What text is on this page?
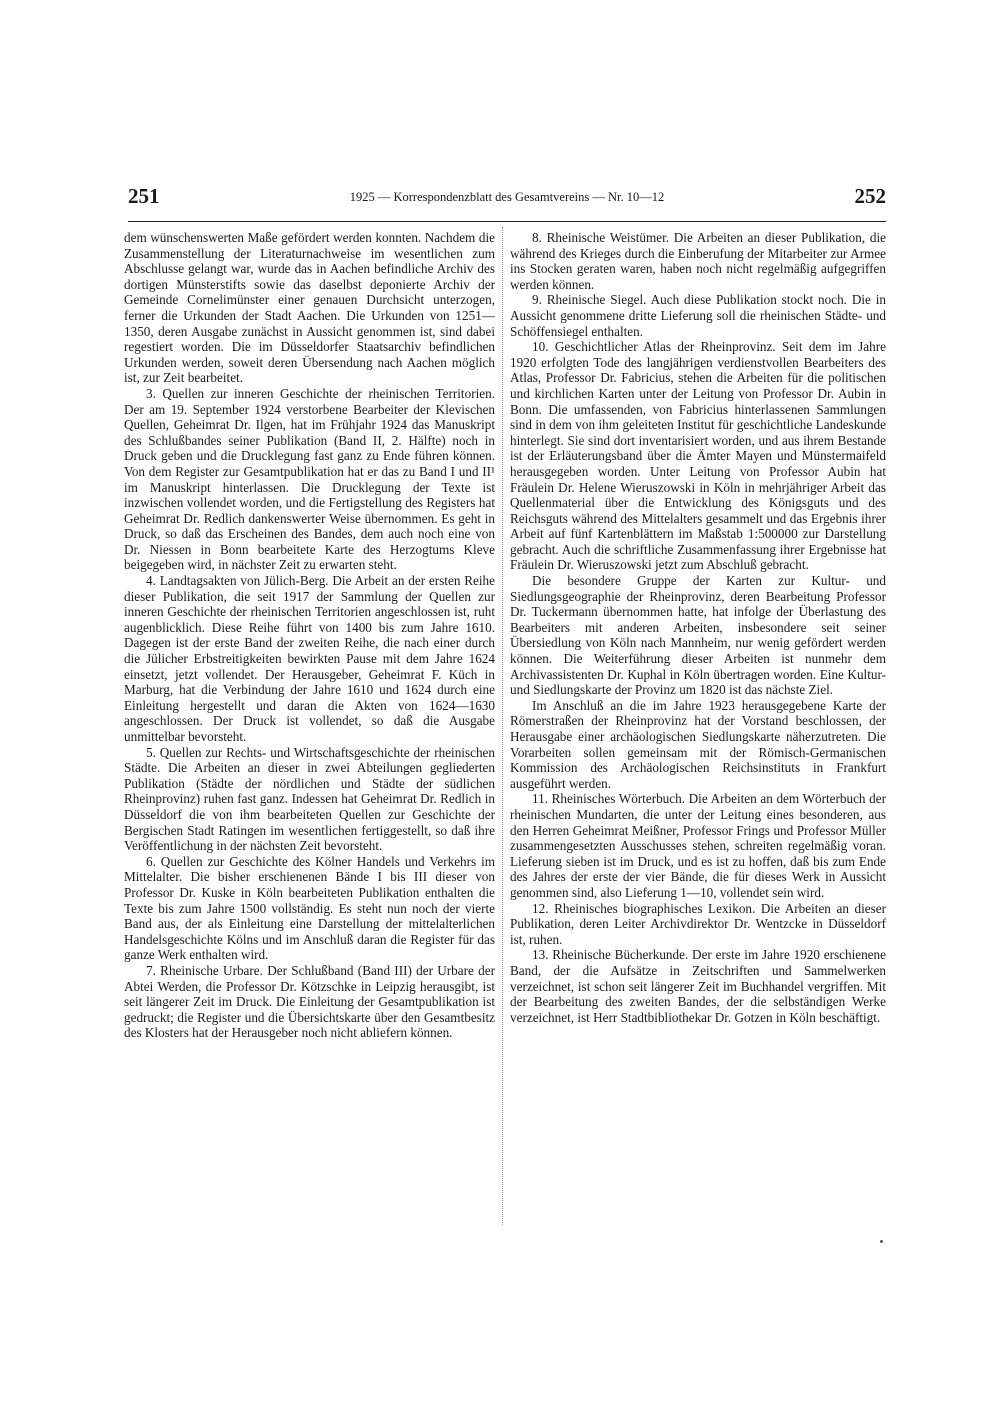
251	1925 — Korrespondenzblatt des Gesamtvereins — Nr. 10—12	252

dem wünschenswerten Maße gefördert werden konnten. Nachdem die Zusammenstellung der Literaturnachweise im wesentlichen zum Abschlusse gelangt war, wurde das in Aachen befindliche Archiv des dortigen Münsterstifts sowie das daselbst deponierte Archiv der Gemeinde Cornelimünster einer genauen Durchsicht unterzogen, ferner die Urkunden der Stadt Aachen. Die Urkunden von 1251—1350, deren Ausgabe zunächst in Aussicht genommen ist, sind dabei regestiert worden. Die im Düsseldorfer Staatsarchiv befindlichen Urkunden werden, soweit deren Übersendung nach Aachen möglich ist, zur Zeit bearbeitet.

3. Quellen zur inneren Geschichte der rheinischen Territorien. Der am 19. September 1924 verstorbene Bearbeiter der Klevischen Quellen, Geheimrat Dr. Ilgen, hat im Frühjahr 1924 das Manuskript des Schlußbandes seiner Publikation (Band II, 2. Hälfte) noch in Druck geben und die Drucklegung fast ganz zu Ende führen können. Von dem Register zur Gesamtpublikation hat er das zu Band I und II¹ im Manuskript hinterlassen. Die Drucklegung der Texte ist inzwischen vollendet worden, und die Fertigstellung des Registers hat Geheimrat Dr. Redlich dankenswerter Weise übernommen. Es geht in Druck, so daß das Erscheinen des Bandes, dem auch noch eine von Dr. Niessen in Bonn bearbeitete Karte des Herzogtums Kleve beigegeben wird, in nächster Zeit zu erwarten steht.

4. Landtagsakten von Jülich-Berg. Die Arbeit an der ersten Reihe dieser Publikation, die seit 1917 der Sammlung der Quellen zur inneren Geschichte der rheinischen Territorien angeschlossen ist, ruht augenblicklich. Diese Reihe führt von 1400 bis zum Jahre 1610. Dagegen ist der erste Band der zweiten Reihe, die nach einer durch die Jülicher Erbstreitigkeiten bewirkten Pause mit dem Jahre 1624 einsetzt, jetzt vollendet. Der Herausgeber, Geheimrat F. Küch in Marburg, hat die Verbindung der Jahre 1610 und 1624 durch eine Einleitung hergestellt und daran die Akten von 1624—1630 angeschlossen. Der Druck ist vollendet, so daß die Ausgabe unmittelbar bevorsteht.

5. Quellen zur Rechts- und Wirtschaftsgeschichte der rheinischen Städte. Die Arbeiten an dieser in zwei Abteilungen gegliederten Publikation (Städte der nördlichen und Städte der südlichen Rheinprovinz) ruhen fast ganz. Indessen hat Geheimrat Dr. Redlich in Düsseldorf die von ihm bearbeiteten Quellen zur Geschichte der Bergischen Stadt Ratingen im wesentlichen fertiggestellt, so daß ihre Veröffentlichung in der nächsten Zeit bevorsteht.

6. Quellen zur Geschichte des Kölner Handels und Verkehrs im Mittelalter. Die bisher erschienenen Bände I bis III dieser von Professor Dr. Kuske in Köln bearbeiteten Publikation enthalten die Texte bis zum Jahre 1500 vollständig. Es steht nun noch der vierte Band aus, der als Einleitung eine Darstellung der mittelalterlichen Handelsgeschichte Kölns und im Anschluß daran die Register für das ganze Werk enthalten wird.

7. Rheinische Urbare. Der Schlußband (Band III) der Urbare der Abtei Werden, die Professor Dr. Kötzschke in Leipzig herausgibt, ist seit längerer Zeit im Druck. Die Einleitung der Gesamtpublikation ist gedruckt; die Register und die Übersichtskarte über den Gesamtbesitz des Klosters hat der Herausgeber noch nicht abliefern können.

8. Rheinische Weistümer. Die Arbeiten an dieser Publikation, die während des Krieges durch die Einberufung der Mitarbeiter zur Armee ins Stocken geraten waren, haben noch nicht regelmäßig aufgegriffen werden können.

9. Rheinische Siegel. Auch diese Publikation stockt noch. Die in Aussicht genommene dritte Lieferung soll die rheinischen Städte- und Schöffensiegel enthalten.

10. Geschichtlicher Atlas der Rheinprovinz. Seit dem im Jahre 1920 erfolgten Tode des langjährigen verdienstvollen Bearbeiters des Atlas, Professor Dr. Fabricius, stehen die Arbeiten für die politischen und kirchlichen Karten unter der Leitung von Professor Dr. Aubin in Bonn. Die umfassenden, von Fabricius hinterlassenen Sammlungen sind in dem von ihm geleiteten Institut für geschichtliche Landeskunde hinterlegt. Sie sind dort inventarisiert worden, und aus ihrem Bestande ist der Erläuterungsband über die Ämter Mayen und Münstermaifeld herausgegeben worden. Unter Leitung von Professor Aubin hat Fräulein Dr. Helene Wieruszowski in Köln in mehrjähriger Arbeit das Quellenmaterial über die Entwicklung des Königsguts und des Reichsguts während des Mittelalters gesammelt und das Ergebnis ihrer Arbeit auf fünf Kartenblättern im Maßstab 1:500000 zur Darstellung gebracht. Auch die schriftliche Zusammenfassung ihrer Ergebnisse hat Fräulein Dr. Wieruszowski jetzt zum Abschluß gebracht.

Die besondere Gruppe der Karten zur Kultur- und Siedlungsgeographie der Rheinprovinz, deren Bearbeitung Professor Dr. Tuckermann übernommen hatte, hat infolge der Überlastung des Bearbeiters mit anderen Arbeiten, insbesondere seit seiner Übersiedlung von Köln nach Mannheim, nur wenig gefördert werden können. Die Weiterführung dieser Arbeiten ist nunmehr dem Archivassistenten Dr. Kuphal in Köln übertragen worden. Eine Kultur- und Siedlungskarte der Provinz um 1820 ist das nächste Ziel.

Im Anschluß an die im Jahre 1923 herausgegebene Karte der Römerstraßen der Rheinprovinz hat der Vorstand beschlossen, der Herausgabe einer archäologischen Siedlungskarte näherzutreten. Die Vorarbeiten sollen gemeinsam mit der Römisch-Germanischen Kommission des Archäologischen Reichsinstituts in Frankfurt ausgeführt werden.

11. Rheinisches Wörterbuch. Die Arbeiten an dem Wörterbuch der rheinischen Mundarten, die unter der Leitung eines besonderen, aus den Herren Geheimrat Meißner, Professor Frings und Professor Müller zusammengesetzten Ausschusses stehen, schreiten regelmäßig voran. Lieferung sieben ist im Druck, und es ist zu hoffen, daß bis zum Ende des Jahres der erste der vier Bände, die für dieses Werk in Aussicht genommen sind, also Lieferung 1—10, vollendet sein wird.

12. Rheinisches biographisches Lexikon. Die Arbeiten an dieser Publikation, deren Leiter Archivdirektor Dr. Wentzcke in Düsseldorf ist, ruhen.

13. Rheinische Bücherkunde. Der erste im Jahre 1920 erschienene Band, der die Aufsätze in Zeitschriften und Sammelwerken verzeichnet, ist schon seit längerer Zeit im Buchhandel vergriffen. Mit der Bearbeitung des zweiten Bandes, der die selbständigen Werke verzeichnet, ist Herr Stadtbibliothekar Dr. Gotzen in Köln beschäftigt.
